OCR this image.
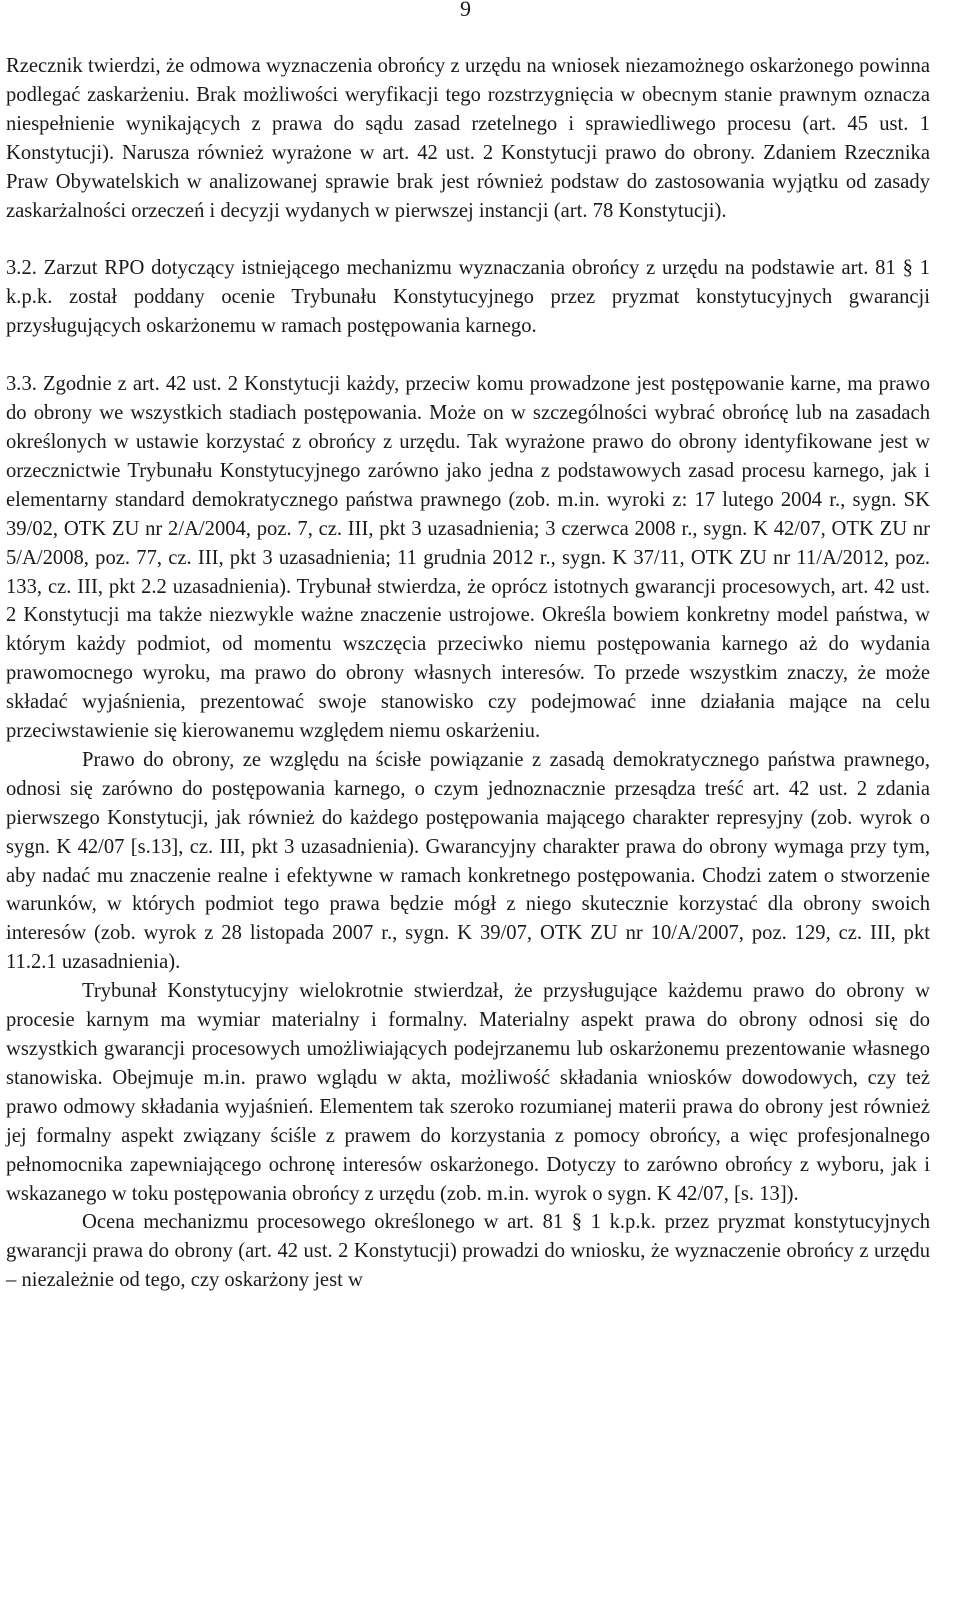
9

Rzecznik twierdzi, że odmowa wyznaczenia obrońcy z urzędu na wniosek niezamożnego oskarżonego powinna podlegać zaskarżeniu. Brak możliwości weryfikacji tego rozstrzygnięcia w obecnym stanie prawnym oznacza niespełnienie wynikających z prawa do sądu zasad rzetelnego i sprawiedliwego procesu (art. 45 ust. 1 Konstytucji). Narusza również wyrażone w art. 42 ust. 2 Konstytucji prawo do obrony. Zdaniem Rzecznika Praw Obywatelskich w analizowanej sprawie brak jest również podstaw do zastosowania wyjątku od zasady zaskarżalności orzeczeń i decyzji wydanych w pierwszej instancji (art. 78 Konstytucji).

3.2. Zarzut RPO dotyczący istniejącego mechanizmu wyznaczania obrońcy z urzędu na podstawie art. 81 § 1 k.p.k. został poddany ocenie Trybunału Konstytucyjnego przez pryzmat konstytucyjnych gwarancji przysługujących oskarżonemu w ramach postępowania karnego.

3.3. Zgodnie z art. 42 ust. 2 Konstytucji każdy, przeciw komu prowadzone jest postępowanie karne, ma prawo do obrony we wszystkich stadiach postępowania. Może on w szczególności wybrać obrońcę lub na zasadach określonych w ustawie korzystać z obrońcy z urzędu. Tak wyrażone prawo do obrony identyfikowane jest w orzecznictwie Trybunału Konstytucyjnego zarówno jako jedna z podstawowych zasad procesu karnego, jak i elementarny standard demokratycznego państwa prawnego (zob. m.in. wyroki z: 17 lutego 2004 r., sygn. SK 39/02, OTK ZU nr 2/A/2004, poz. 7, cz. III, pkt 3 uzasadnienia; 3 czerwca 2008 r., sygn. K 42/07, OTK ZU nr 5/A/2008, poz. 77, cz. III, pkt 3 uzasadnienia; 11 grudnia 2012 r., sygn. K 37/11, OTK ZU nr 11/A/2012, poz. 133, cz. III, pkt 2.2 uzasadnienia). Trybunał stwierdza, że oprócz istotnych gwarancji procesowych, art. 42 ust. 2 Konstytucji ma także niezwykle ważne znaczenie ustrojowe. Określa bowiem konkretny model państwa, w którym każdy podmiot, od momentu wszczęcia przeciwko niemu postępowania karnego aż do wydania prawomocnego wyroku, ma prawo do obrony własnych interesów. To przede wszystkim znaczy, że może składać wyjaśnienia, prezentować swoje stanowisko czy podejmować inne działania mające na celu przeciwstawienie się kierowanemu względem niemu oskarżeniu.

Prawo do obrony, ze względu na ścisłe powiązanie z zasadą demokratycznego państwa prawnego, odnosi się zarówno do postępowania karnego, o czym jednoznacznie przesądza treść art. 42 ust. 2 zdania pierwszego Konstytucji, jak również do każdego postępowania mającego charakter represyjny (zob. wyrok o sygn. K 42/07 [s.13], cz. III, pkt 3 uzasadnienia). Gwarancyjny charakter prawa do obrony wymaga przy tym, aby nadać mu znaczenie realne i efektywne w ramach konkretnego postępowania. Chodzi zatem o stworzenie warunków, w których podmiot tego prawa będzie mógł z niego skutecznie korzystać dla obrony swoich interesów (zob. wyrok z 28 listopada 2007 r., sygn. K 39/07, OTK ZU nr 10/A/2007, poz. 129, cz. III, pkt 11.2.1 uzasadnienia).

Trybunał Konstytucyjny wielokrotnie stwierdzał, że przysługujące każdemu prawo do obrony w procesie karnym ma wymiar materialny i formalny. Materialny aspekt prawa do obrony odnosi się do wszystkich gwarancji procesowych umożliwiających podejrzanemu lub oskarżonemu prezentowanie własnego stanowiska. Obejmuje m.in. prawo wglądu w akta, możliwość składania wniosków dowodowych, czy też prawo odmowy składania wyjaśnień. Elementem tak szeroko rozumianej materii prawa do obrony jest również jej formalny aspekt związany ściśle z prawem do korzystania z pomocy obrońcy, a więc profesjonalnego pełnomocnika zapewniającego ochronę interesów oskarżonego. Dotyczy to zarówno obrońcy z wyboru, jak i wskazanego w toku postępowania obrońcy z urzędu (zob. m.in. wyrok o sygn. K 42/07, [s. 13]).

Ocena mechanizmu procesowego określonego w art. 81 § 1 k.p.k. przez pryzmat konstytucyjnych gwarancji prawa do obrony (art. 42 ust. 2 Konstytucji) prowadzi do wniosku, że wyznaczenie obrońcy z urzędu – niezależnie od tego, czy oskarżony jest w
